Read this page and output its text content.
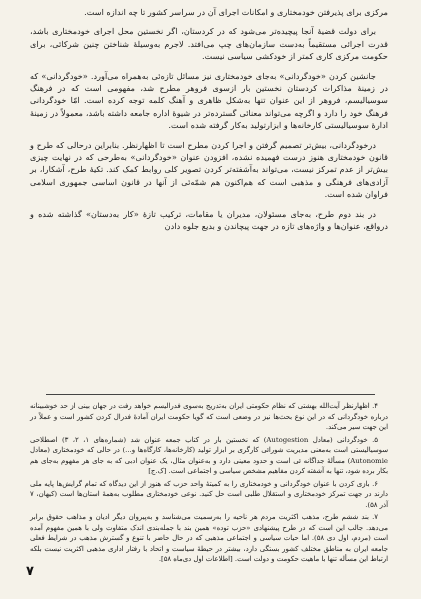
مرکزی برای پذیرفتن خودمختاری و امکانات اجرای آن در سراسر کشور تا چه اندازه است.

برای دولت قضیهٔ آنجا پیچیده‌تر می‌شود که در کردستان، اگر نخستین محل اجرای خودمختاری باشد، قدرت اجرائی مستقیماً به‌دست سازمان‌های چپ می‌افتد. لاجرم به‌وسیلهٔ شناختن چنین شرکائی، برای حکومت مرکزی کاری کمتر از خودکشی سیاسی نیست.

جانشین کردن «خودگردانی» به‌جای خودمختاری نیز مسائل تازه‌ئی به‌همراه می‌آورد. «خودگردانی» که در زمینهٔ مذاکرات کردستان نخستین بار ازسوی فروهر مطرح شد، مفهومی است که در فرهنگ سوسیالیسم، فروهر از این عنوان تنها به‌شکل ظاهری و آهنگ کلمه توجه کرده است. امّا خودگردانی فرهنگ خود را دارد و اگرچه می‌تواند معنائی گسترده‌تر در شیوهٔ اداره جامعه داشته باشد، معمولاً در زمینهٔ ادارهٔ سوسیالیستی کارخانه‌ها و ابزارتولید به‌کار گرفته شده است.

درخودگردانی، بیش‌تر تصمیم گرفتن و اجرا کردن مطرح است تا اظهارنظر. بنابراین درحالی که طرح و قانون خودمختاری هنوز درست فهمیده نشده، افزودن عنوان «خودگردانی» به‌طرحی که در نهایت چیزی بیش‌تر از عدم تمرکز نیست، می‌تواند به‌آشفته‌تر کردن تصویر کلی روابط کمک کند. تکیهٔ طرح، آشکارا، بر آزادی‌های فرهنگی و مذهبی است که هم‌اکنون هم شمّه‌ئی از آنها در قانون اساسی جمهوری اسلامی فراوان شده است.

در بند دوم طرح، به‌جای مسئولان، مدیران یا مقامات، ترکیب تازهٔ «کار به‌دستان» گذاشته شده و درواقع، عنوان‌ها و واژه‌های تازه در جهت پیچاندن و بدیع جلوه دادن

۴. اظهارنظر آیت‌الله بهشتی که نظام حکومتی ایران به‌تدریج به‌سوی فدرالیسم خواهد رفت در جهان بینی از حد خوشبینانه درباره خودگردانی که در این نوع بحث‌ها نیز در وضعی است که گویا حکومت ایران آمادهٔ فدرال کردن کشور است و عملاً در این جهت سیر می‌کند.

۵. خودگردانی (معادل Autogestion) که نخستین بار در کتاب جمعه عنوان شد (شماره‌های ۱، ۲، ۳) اصطلاحی سوسیالیستی است به‌معنی مدیریت شورائی کارگری بر ابزار تولید (کارخانه‌ها، کارگاه‌ها و...) در حالی که خودمختاری (معادل Autonomie) مسألهٔ جداگانه ئی است و حدود معینی دارد و به‌عنوان مثال، یک عنوان ادبی که به جای هر مفهوم به‌جای هم بکار برده شود، تنها به آشفته کردن مفاهیم مشخص سیاسی و اجتماعی است. [ک.ج]

۶. بازی کردن با عنوان خودگردانی و خودمختاری را به کمیتهٔ واحد حزب که هنوز از این دیدگاه که تمام گرایش‌ها پایه ملی دارند در جهت تمرکز خودمختاری و استقلال طلبی است حل کنید. نوعی خودمختاری مطلوب به‌همهٔ استان‌ها است (کیهان، ۷ آذر ۵۸).

۷. بند ششم طرح، مذهب اکثریت مردم هر ناحیه را به‌رسمیت می‌شناسد و به‌پیروان دیگر ادیان و مذاهب حقوق برابر می‌دهد. جالب این است که در طرح پیشنهادی «حزب توده» همین بند با جمله‌بندی اندک متفاوت ولی با همین مفهوم آمده است (مردم، اول دی ۵۸). اما حیات سیاسی و اجتماعی مذهبی که در حال حاضر با تنوع و گسترش مذهب در شرایط فعلی جامعه ایران به مناطق مختلف کشور بستگی دارد، بیشتر در حیطهٔ سیاست و اتحاد با رفتار اداری مذهبی اکثریت نیست بلکه ارتباط این مسأله تنها با ماهیت حکومت و دولت است. [اطلاعات اول دی‌ماه ۵۸].

۷
